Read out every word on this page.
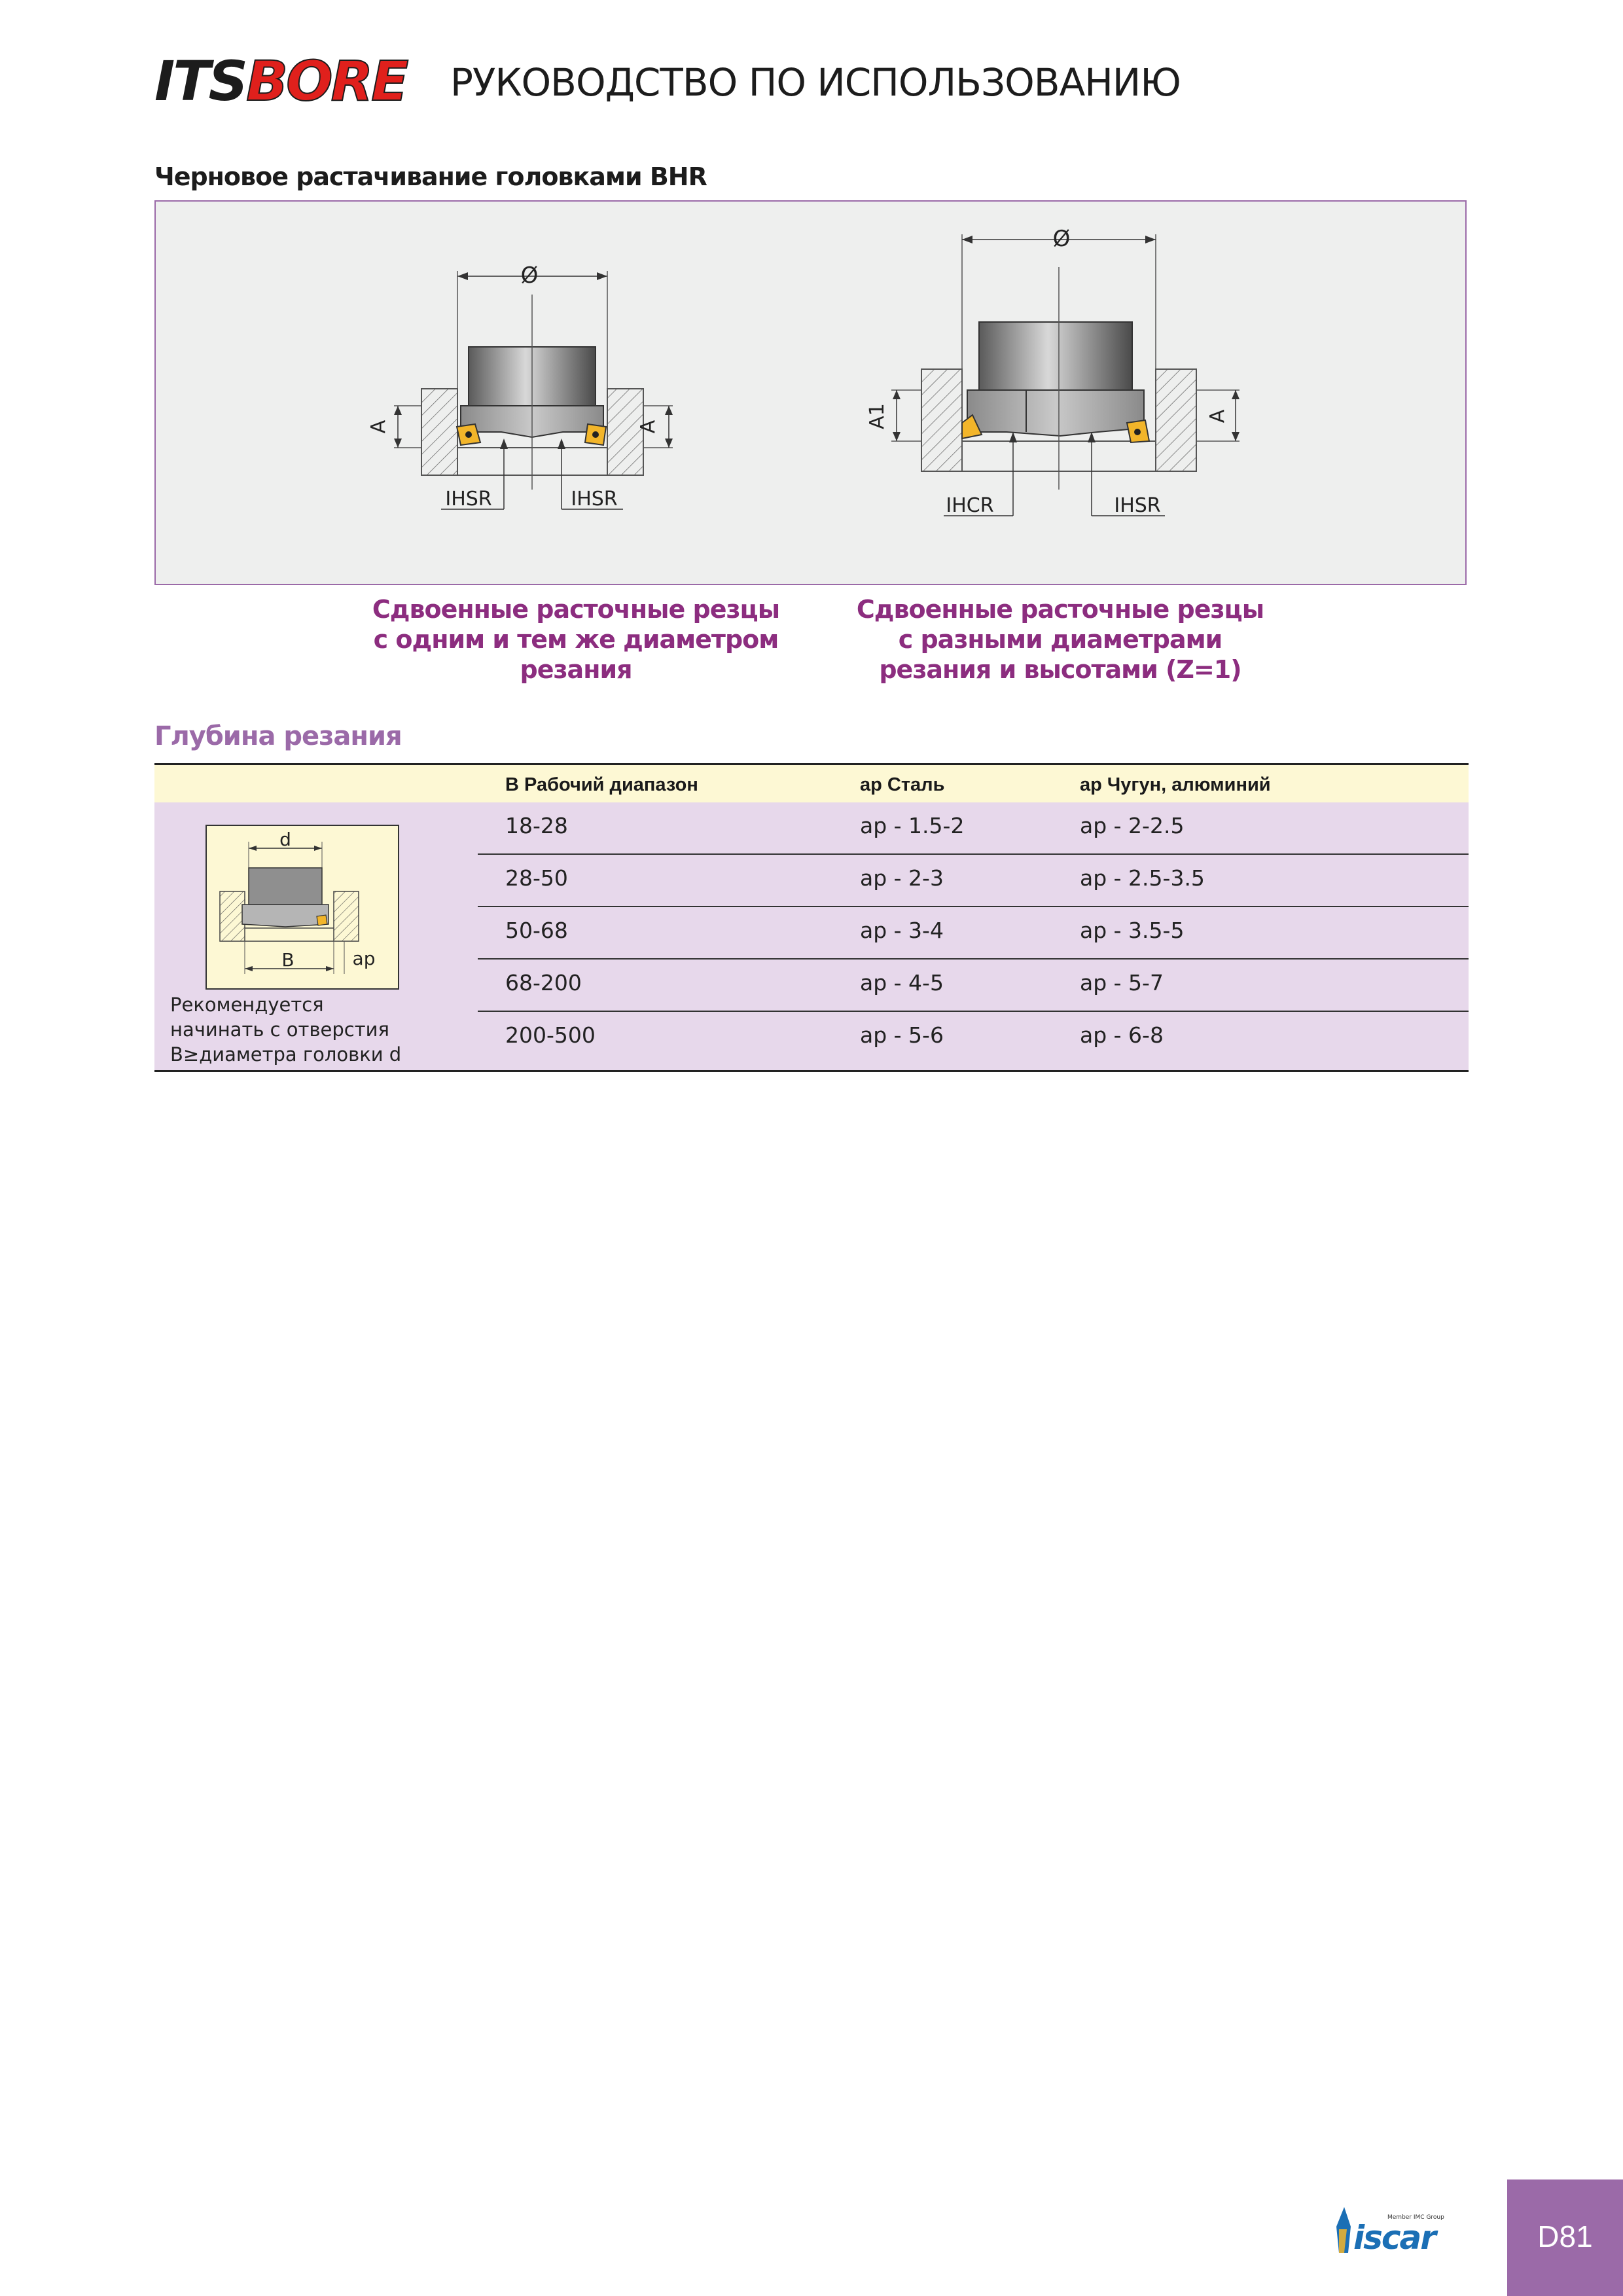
ITSBORE РУКОВОДСТВО ПО ИСПОЛЬЗОВАНИЮ
Черновое растачивание головками BHR
Ø
A	A
IHSR	IHSR
Ø
A1	A
IHCR	IHSR
Сдвоенные расточные резцы
с одним и тем же диаметром резания
Сдвоенные расточные резцы
с разными диаметрами
резания и высотами (Z=1)
Глубина резания
B Рабочий диапазон	ap Сталь	ap Чугун, алюминий
d
B	ap
Рекомендуется
начинать с отверстия
B≥диаметра головки d
18-28	ap - 1.5-2	ap - 2-2.5
28-50	ap - 2-3	ap - 2.5-3.5
50-68	ap - 3-4	ap - 3.5-5
68-200	ap - 4-5	ap - 5-7
200-500	ap - 5-6	ap - 6-8
iscar
Member IMC Group
D81
